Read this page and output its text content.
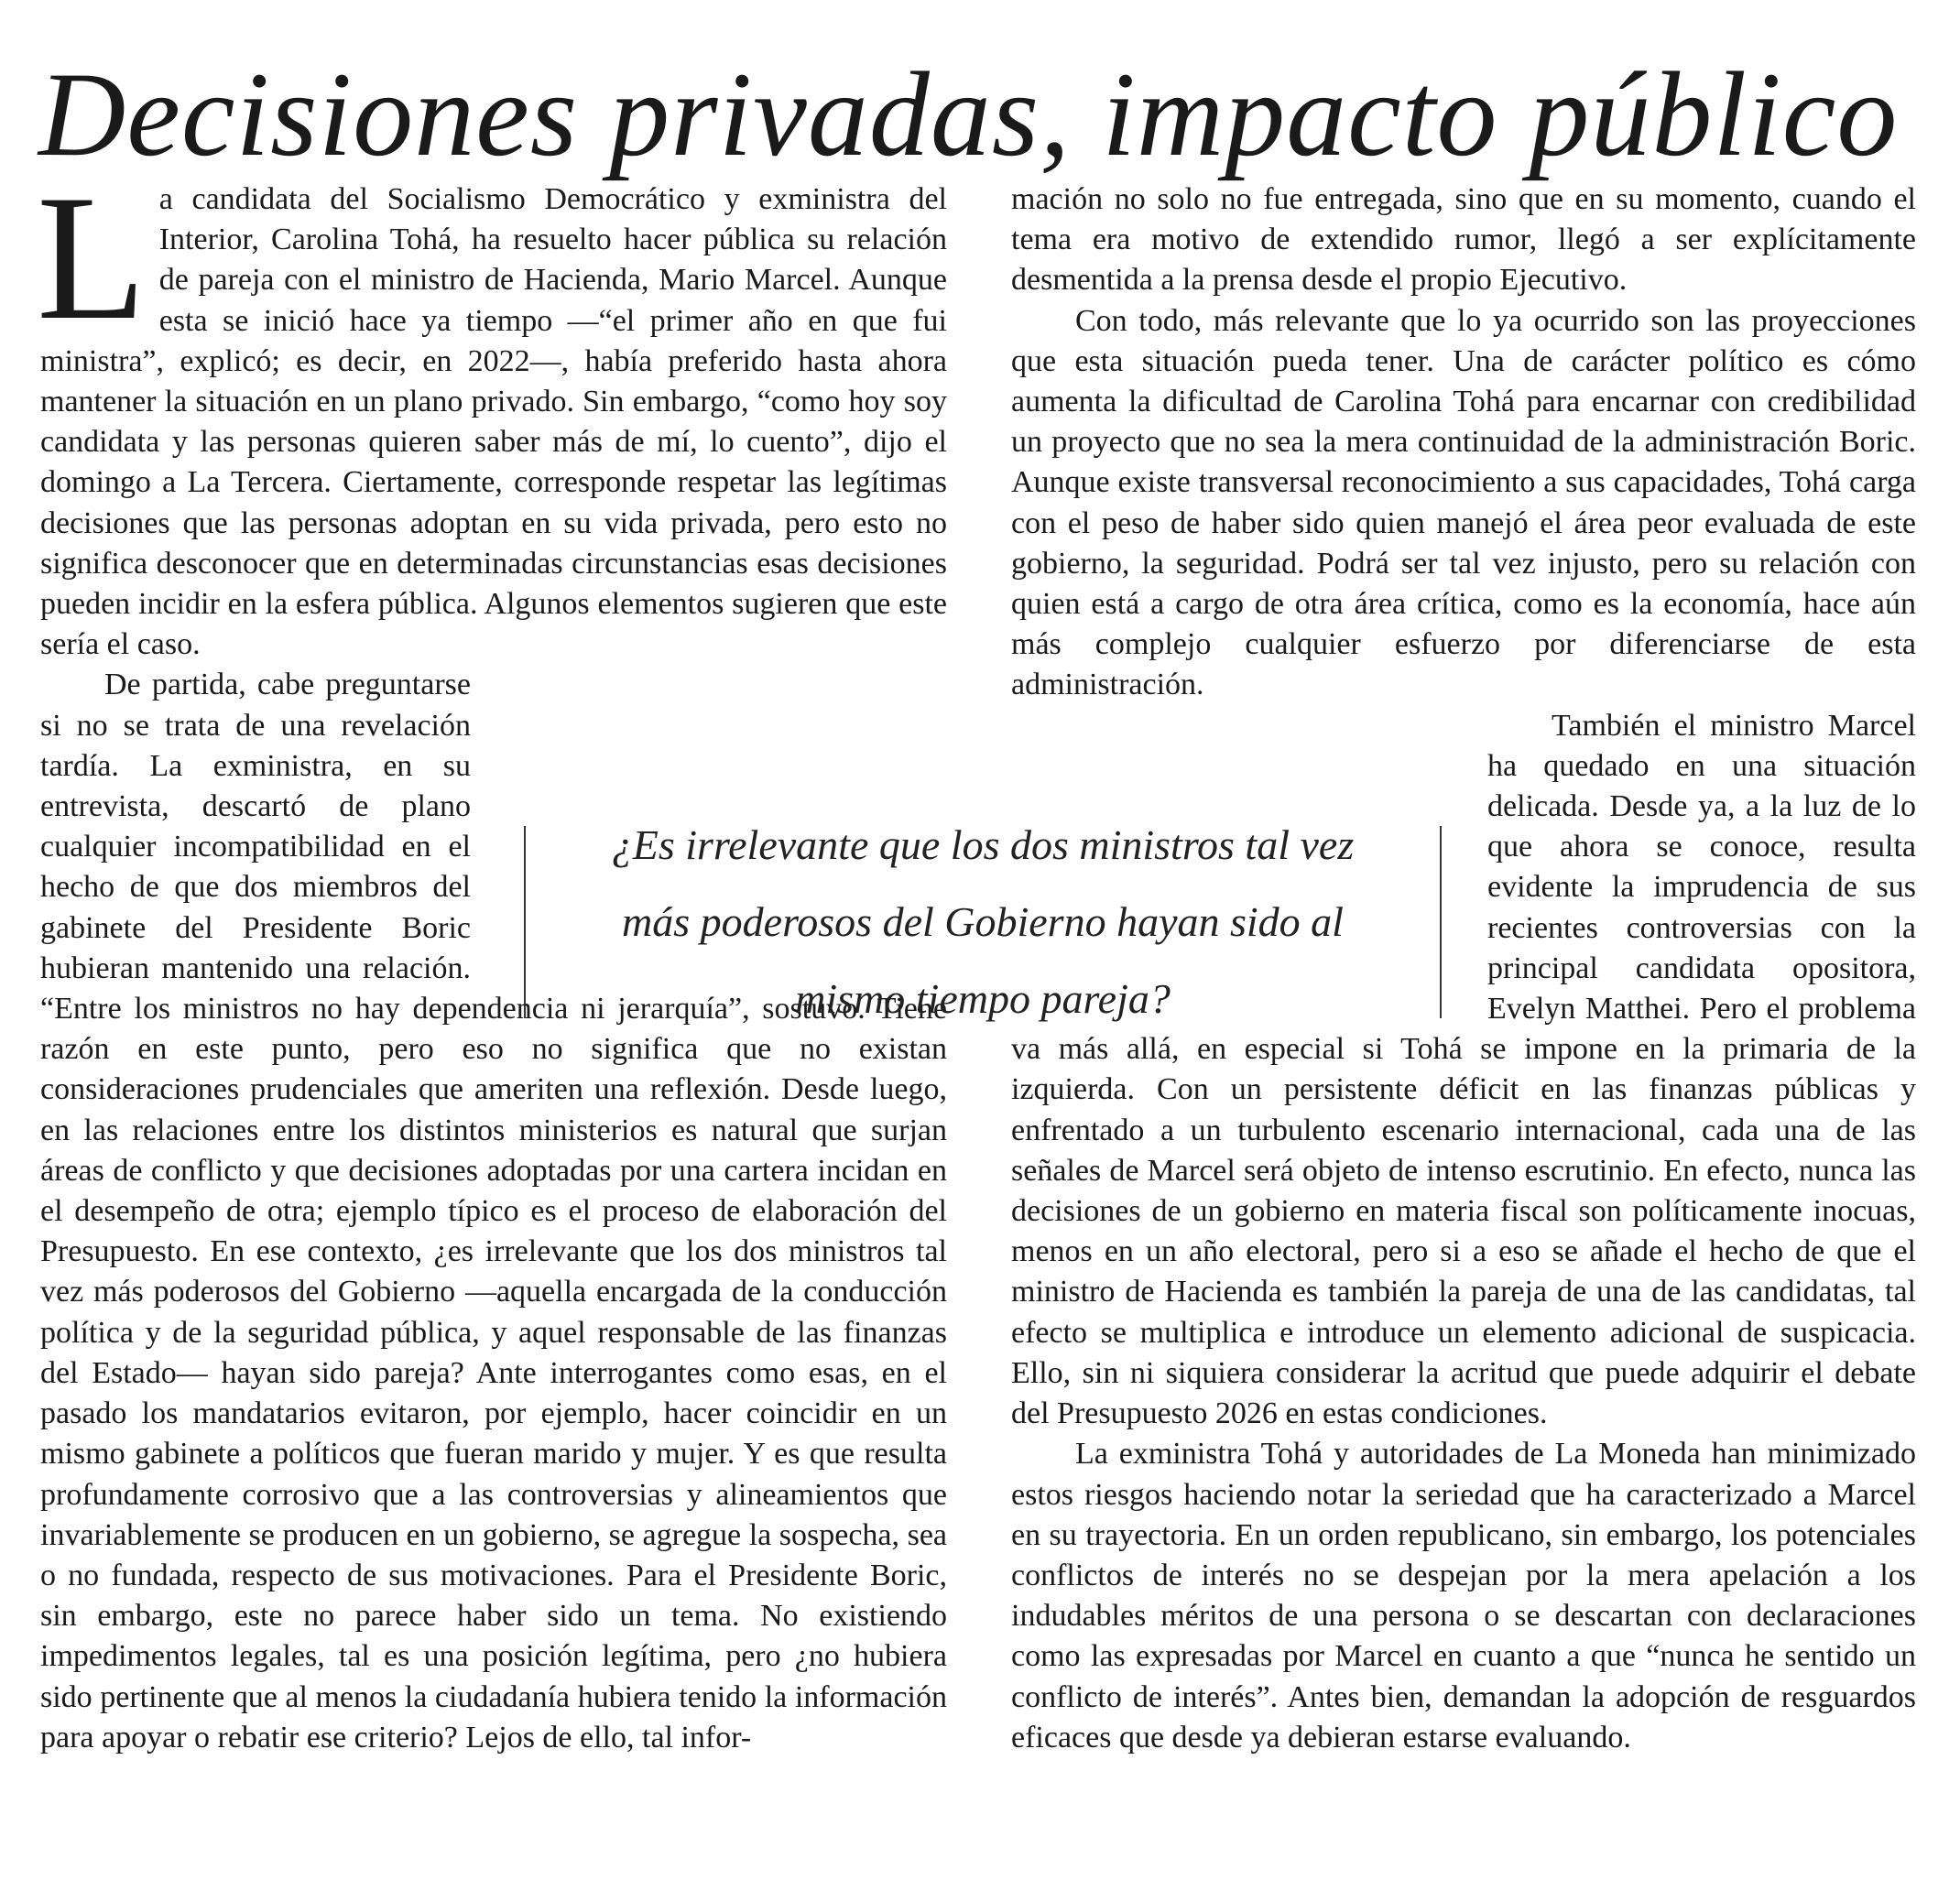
Decisiones privadas, impacto público

La candidata del Socialismo Democrático y exministra del Interior, Carolina Tohá, ha resuelto hacer pública su relación de pareja con el ministro de Hacienda, Mario Marcel. Aunque esta se inició hace ya tiempo —“el primer año en que fui ministra”, explicó; es decir, en 2022—, había preferido hasta ahora mantener la situación en un plano privado. Sin embargo, “como hoy soy candidata y las personas quieren saber más de mí, lo cuento”, dijo el domingo a La Tercera. Ciertamente, corresponde respetar las legítimas decisiones que las personas adoptan en su vida privada, pero esto no significa desconocer que en determinadas circunstancias esas decisiones pueden incidir en la esfera pública. Algunos elementos sugieren que este sería el caso.

De partida, cabe preguntarse si no se trata de una revelación tardía. La exministra, en su entrevista, descartó de plano cualquier incompatibilidad en el hecho de que dos miembros del gabinete del Presidente Boric hubieran mantenido una relación. “Entre los ministros no hay dependencia ni jerarquía”, sostuvo. Tiene razón en este punto, pero eso no significa que no existan consideraciones prudenciales que ameriten una reflexión. Desde luego, en las relaciones entre los distintos ministerios es natural que surjan áreas de conflicto y que decisiones adoptadas por una cartera incidan en el desempeño de otra; ejemplo típico es el proceso de elaboración del Presupuesto. En ese contexto, ¿es irrelevante que los dos ministros tal vez más poderosos del Gobierno —aquella encargada de la conducción política y de la seguridad pública, y aquel responsable de las finanzas del Estado— hayan sido pareja? Ante interrogantes como esas, en el pasado los mandatarios evitaron, por ejemplo, hacer coincidir en un mismo gabinete a políticos que fueran marido y mujer. Y es que resulta profundamente corrosivo que a las controversias y alineamientos que invariablemente se producen en un gobierno, se agregue la sospecha, sea o no fundada, respecto de sus motivaciones. Para el Presidente Boric, sin embargo, este no parece haber sido un tema. No existiendo impedimentos legales, tal es una posición legítima, pero ¿no hubiera sido pertinente que al menos la ciudadanía hubiera tenido la información para apoyar o rebatir ese criterio? Lejos de ello, tal infor-

mación no solo no fue entregada, sino que en su momento, cuando el tema era motivo de extendido rumor, llegó a ser explícitamente desmentida a la prensa desde el propio Ejecutivo.

Con todo, más relevante que lo ya ocurrido son las proyecciones que esta situación pueda tener. Una de carácter político es cómo aumenta la dificultad de Carolina Tohá para encarnar con credibilidad un proyecto que no sea la mera continuidad de la administración Boric. Aunque existe transversal reconocimiento a sus capacidades, Tohá carga con el peso de haber sido quien manejó el área peor evaluada de este gobierno, la seguridad. Podrá ser tal vez injusto, pero su relación con quien está a cargo de otra área crítica, como es la economía, hace aún más complejo cualquier esfuerzo por diferenciarse de esta administración.

También el ministro Marcel ha quedado en una situación delicada. Desde ya, a la luz de lo que ahora se conoce, resulta evidente la imprudencia de sus recientes controversias con la principal candidata opositora, Evelyn Matthei. Pero el problema va más allá, en especial si Tohá se impone en la primaria de la izquierda. Con un persistente déficit en las finanzas públicas y enfrentado a un turbulento escenario internacional, cada una de las señales de Marcel será objeto de intenso escrutinio. En efecto, nunca las decisiones de un gobierno en materia fiscal son políticamente inocuas, menos en un año electoral, pero si a eso se añade el hecho de que el ministro de Hacienda es también la pareja de una de las candidatas, tal efecto se multiplica e introduce un elemento adicional de suspicacia. Ello, sin ni siquiera considerar la acritud que puede adquirir el debate del Presupuesto 2026 en estas condiciones.

La exministra Tohá y autoridades de La Moneda han minimizado estos riesgos haciendo notar la seriedad que ha caracterizado a Marcel en su trayectoria. En un orden republicano, sin embargo, los potenciales conflictos de interés no se despejan por la mera apelación a los indudables méritos de una persona o se descartan con declaraciones como las expresadas por Marcel en cuanto a que “nunca he sentido un conflicto de interés”. Antes bien, demandan la adopción de resguardos eficaces que desde ya debieran estarse evaluando.

¿Es irrelevante que los dos ministros tal vez más poderosos del Gobierno hayan sido al mismo tiempo pareja?
